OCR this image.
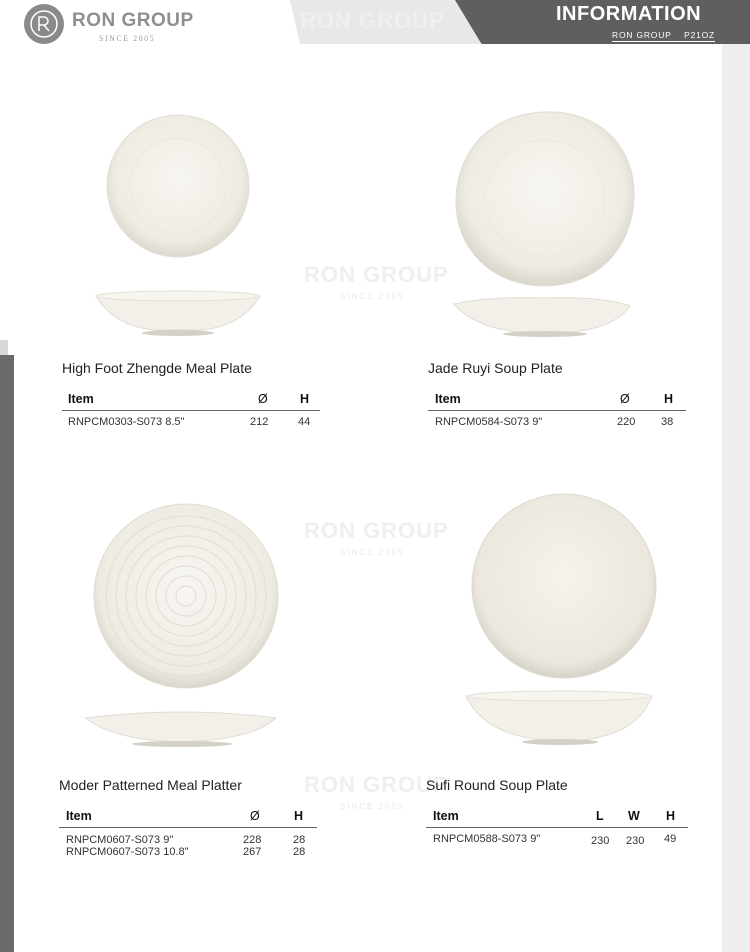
RON GROUP
SINCE 2005
INFORMATION
RON GROUP    P21OZ
RON GROUP
RON GROUP
SINCE 2005
RON GROUP
SINCE 2005
RON GROUP
SINCE 2005
High Foot Zhengde Meal Plate
Item	Ø	H
RNPCM0303-S073 8.5"	212	44
Jade Ruyi Soup Plate
Item	Ø	H
RNPCM0584-S073 9"	220 38
Moder Patterned Meal Platter
Item	Ø	H
RNPCM0607-S073 9"	228	28
RNPCM0607-S073 10.8"	267	28
Sufi Round Soup Plate
Item	L W H
RNPCM0588-S073 9"	230 230 49
